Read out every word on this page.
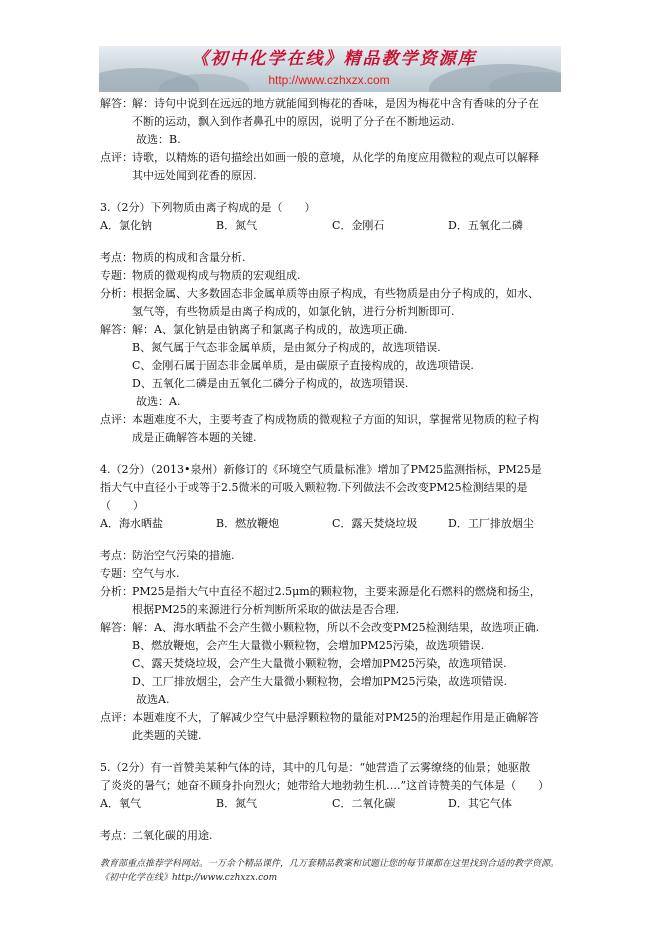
《初中化学在线》精品教学资源库
http://www.czhxzx.com
解答： 解：诗句中说到在远远的地方就能闻到梅花的香味，是因为梅花中含有香味的分子在
不断的运动，飘入到作者鼻孔中的原因，说明了分子在不断地运动.
故选：B.
点评： 诗歌，以精炼的语句描绘出如画一般的意境，从化学的角度应用微粒的观点可以解释
其中远处闻到花香的原因.
3.（2分）下列物质由离子构成的是（　　）
A．氯化钠	B．氮气	C．金刚石	D．五氧化二磷
考点： 物质的构成和含量分析.
专题： 物质的微观构成与物质的宏观组成.
分析： 根据金属、大多数固态非金属单质等由原子构成，有些物质是由分子构成的，如水、
氢气等，有些物质是由离子构成的，如氯化钠，进行分析判断即可.
解答： 解：A、氯化钠是由钠离子和氯离子构成的，故选项正确.
B、氮气属于气态非金属单质，是由氮分子构成的，故选项错误.
C、金刚石属于固态非金属单质，是由碳原子直接构成的，故选项错误.
D、五氧化二磷是由五氧化二磷分子构成的，故选项错误.
故选：A.
点评： 本题难度不大，主要考查了构成物质的微观粒子方面的知识，掌握常见物质的粒子构
成是正确解答本题的关键.
4.（2分）（2013•泉州）新修订的《环境空气质量标准》增加了PM25监测指标，PM25是
指大气中直径小于或等于2.5微米的可吸入颗粒物.下列做法不会改变PM25检测结果的是
（　　）
A．海水晒盐	B．燃放鞭炮	C．露天焚烧垃圾	D．工厂排放烟尘
考点： 防治空气污染的措施.
专题： 空气与水.
分析： PM25是指大气中直径不超过2.5μm的颗粒物，主要来源是化石燃料的燃烧和扬尘，
根据PM25的来源进行分析判断所采取的做法是否合理.
解答： 解：A、海水晒盐不会产生微小颗粒物，所以不会改变PM25检测结果，故选项正确.
B、燃放鞭炮，会产生大量微小颗粒物，会增加PM25污染，故选项错误.
C、露天焚烧垃圾，会产生大量微小颗粒物，会增加PM25污染，故选项错误.
D、工厂排放烟尘，会产生大量微小颗粒物，会增加PM25污染，故选项错误.
故选A.
点评： 本题难度不大，了解减少空气中悬浮颗粒物的量能对PM25的治理起作用是正确解答
此类题的关键.
5.（2分）有一首赞美某种气体的诗，其中的几句是：“她营造了云雾缭绕的仙景；她驱散
了炎炎的暑气；她奋不顾身扑向烈火；她带给大地勃勃生机….”这首诗赞美的气体是（　　）
A．氧气	B．氮气	C．二氧化碳	D．其它气体
考点： 二氧化碳的用途.
教育部重点推荐学科网站。一万余个精品课件，几万套精品教案和试题让您的每节课都在这里找到合适的教学资源。《初中化学在线》http://www.czhxzx.com
